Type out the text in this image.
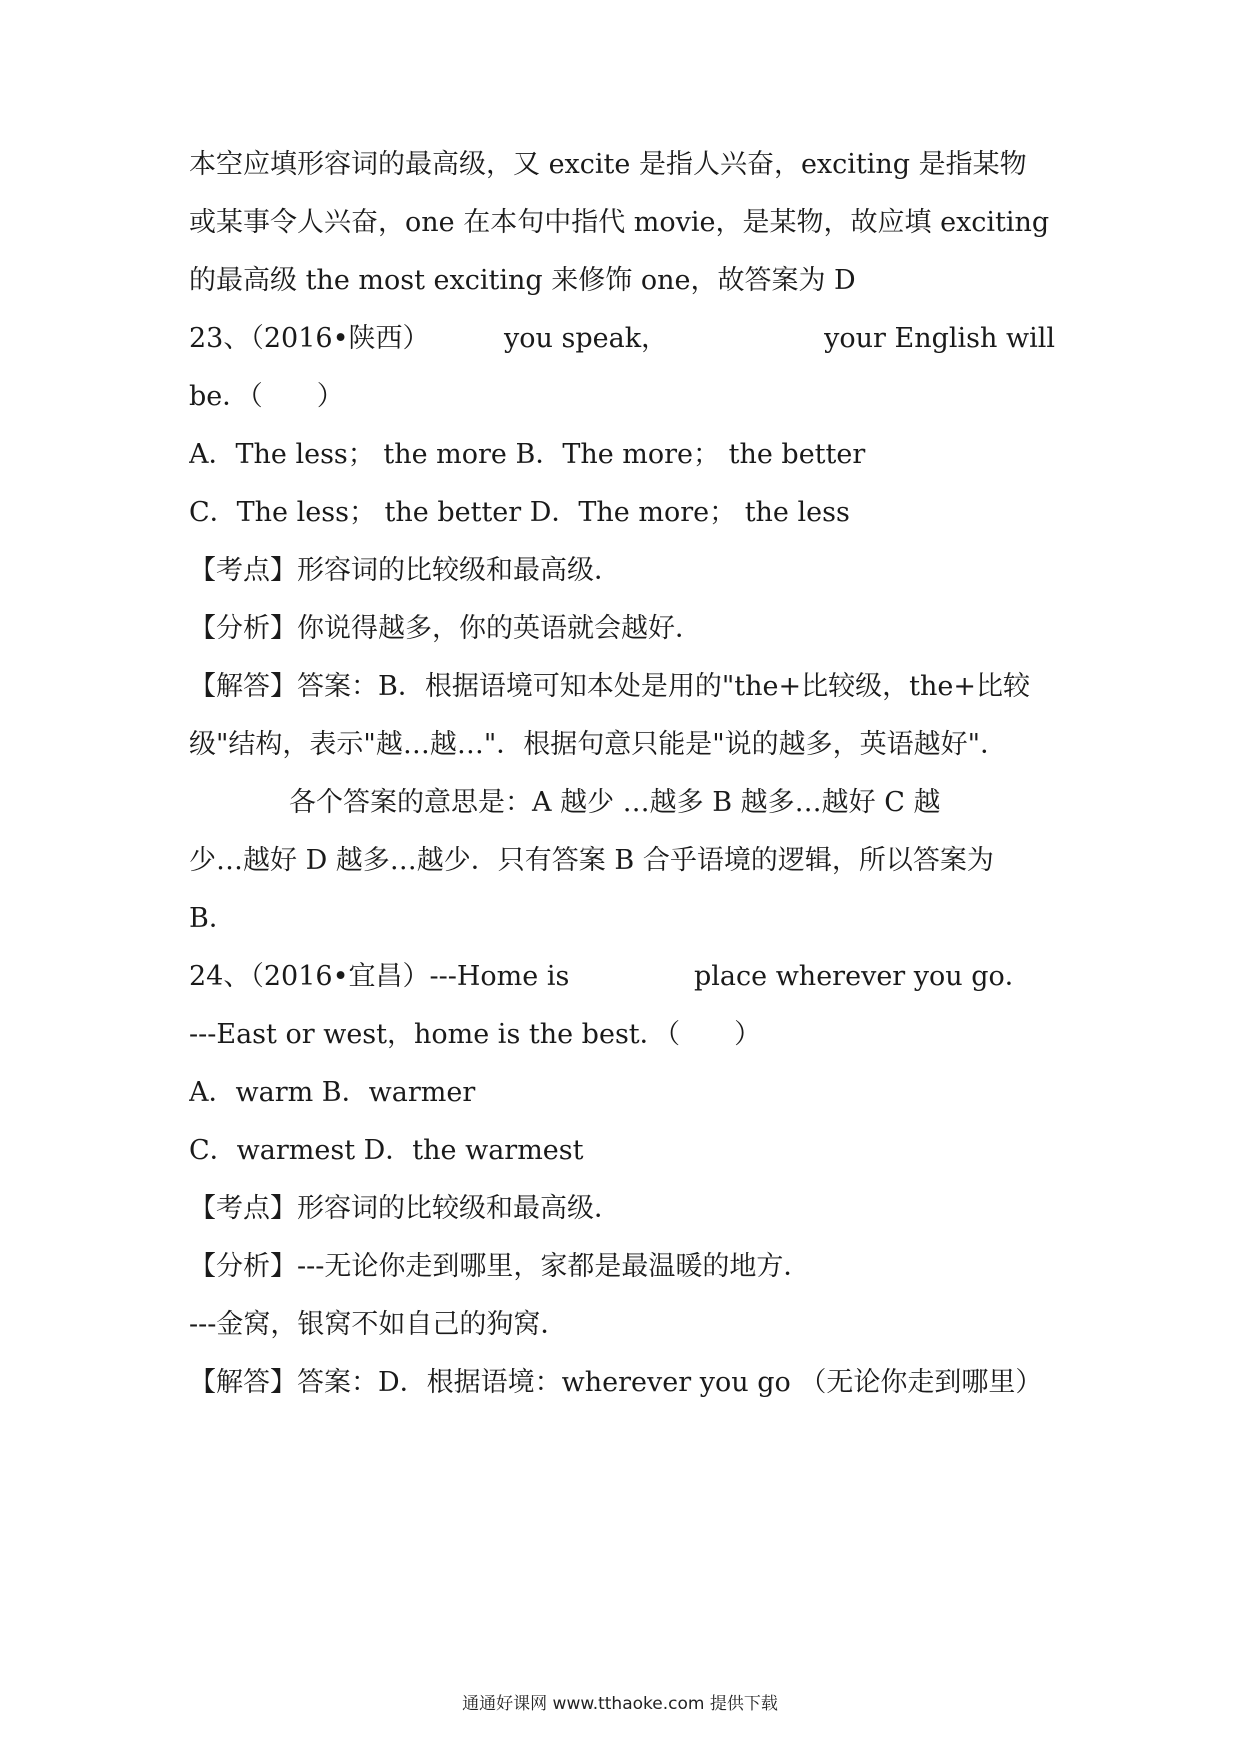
本空应填形容词的最高级，又 excite 是指人兴奋，exciting 是指某物
或某事令人兴奋，one 在本句中指代 movie，是某物，故应填 exciting
的最高级 the most exciting 来修饰 one，故答案为 D
23、（2016•陕西）	you speak，	your English will
be．（　　）
A．The less； the more B．The more； the better
C．The less； the better D．The more； the less
【考点】形容词的比较级和最高级．
【分析】你说得越多，你的英语就会越好．
【解答】答案：B．根据语境可知本处是用的"the+比较级，the+比较
级"结构，表示"越…越…"．根据句意只能是"说的越多，英语越好"．
各个答案的意思是：A 越少 …越多 B 越多…越好 C 越
少…越好 D 越多…越少．只有答案 B 合乎语境的逻辑，所以答案为
B．
24、（2016•宜昌）---Home is	place wherever you go．
---East or west，home is the best．（　　）
A．warm B．warmer
C．warmest D．the warmest
【考点】形容词的比较级和最高级．
【分析】---无论你走到哪里，家都是最温暖的地方．
---金窝，银窝不如自己的狗窝．
【解答】答案：D．根据语境：wherever you go （无论你走到哪里）
通通好课网 www.tthaoke.com 提供下载
